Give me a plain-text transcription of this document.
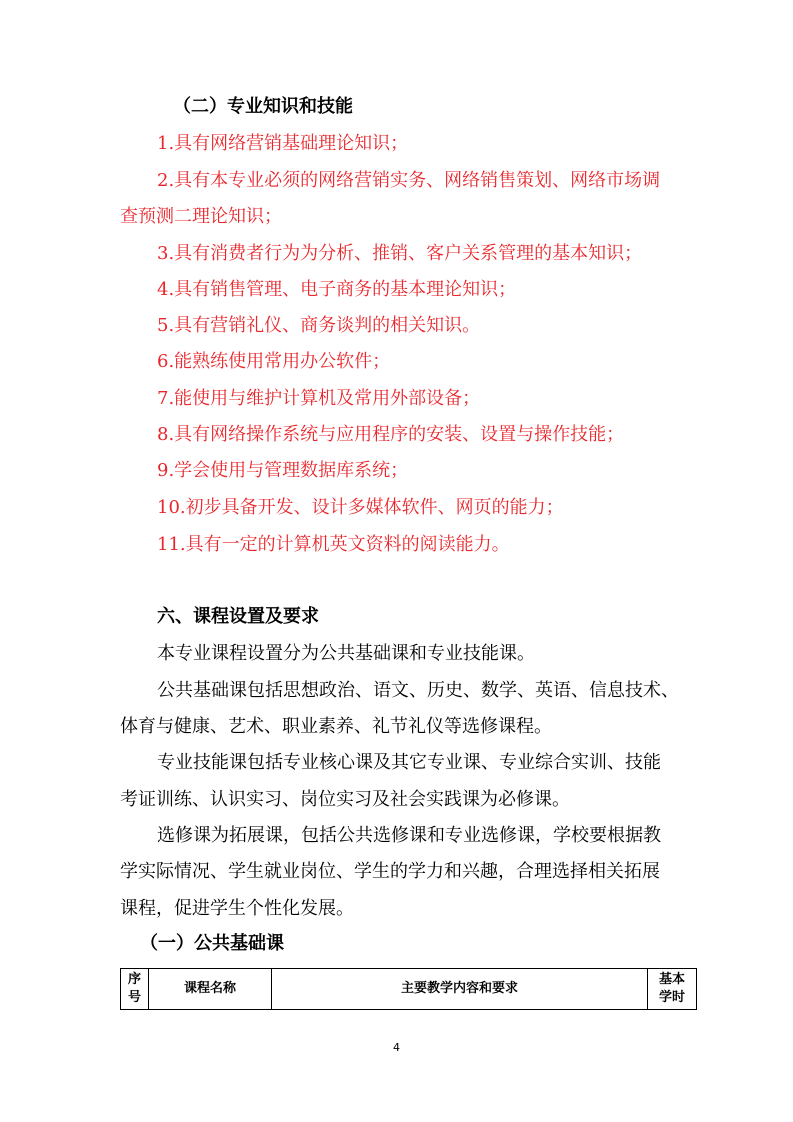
（二）专业知识和技能
1.具有网络营销基础理论知识；
2.具有本专业必须的网络营销实务、网络销售策划、网络市场调
查预测二理论知识；
3.具有消费者行为为分析、推销、客户关系管理的基本知识；
4.具有销售管理、电子商务的基本理论知识；
5.具有营销礼仪、商务谈判的相关知识。
6.能熟练使用常用办公软件；
7.能使用与维护计算机及常用外部设备；
8.具有网络操作系统与应用程序的安装、设置与操作技能；
9.学会使用与管理数据库系统；
10.初步具备开发、设计多媒体软件、网页的能力；
11.具有一定的计算机英文资料的阅读能力。
六、课程设置及要求
本专业课程设置分为公共基础课和专业技能课。
公共基础课包括思想政治、语文、历史、数学、英语、信息技术、
体育与健康、艺术、职业素养、礼节礼仪等选修课程。
专业技能课包括专业核心课及其它专业课、专业综合实训、技能
考证训练、认识实习、岗位实习及社会实践课为必修课。
选修课为拓展课，包括公共选修课和专业选修课，学校要根据教
学实际情况、学生就业岗位、学生的学力和兴趣，合理选择相关拓展
课程，促进学生个性化发展。
（一）公共基础课
序
号	课程名称	主要教学内容和要求	基本
学时
4
